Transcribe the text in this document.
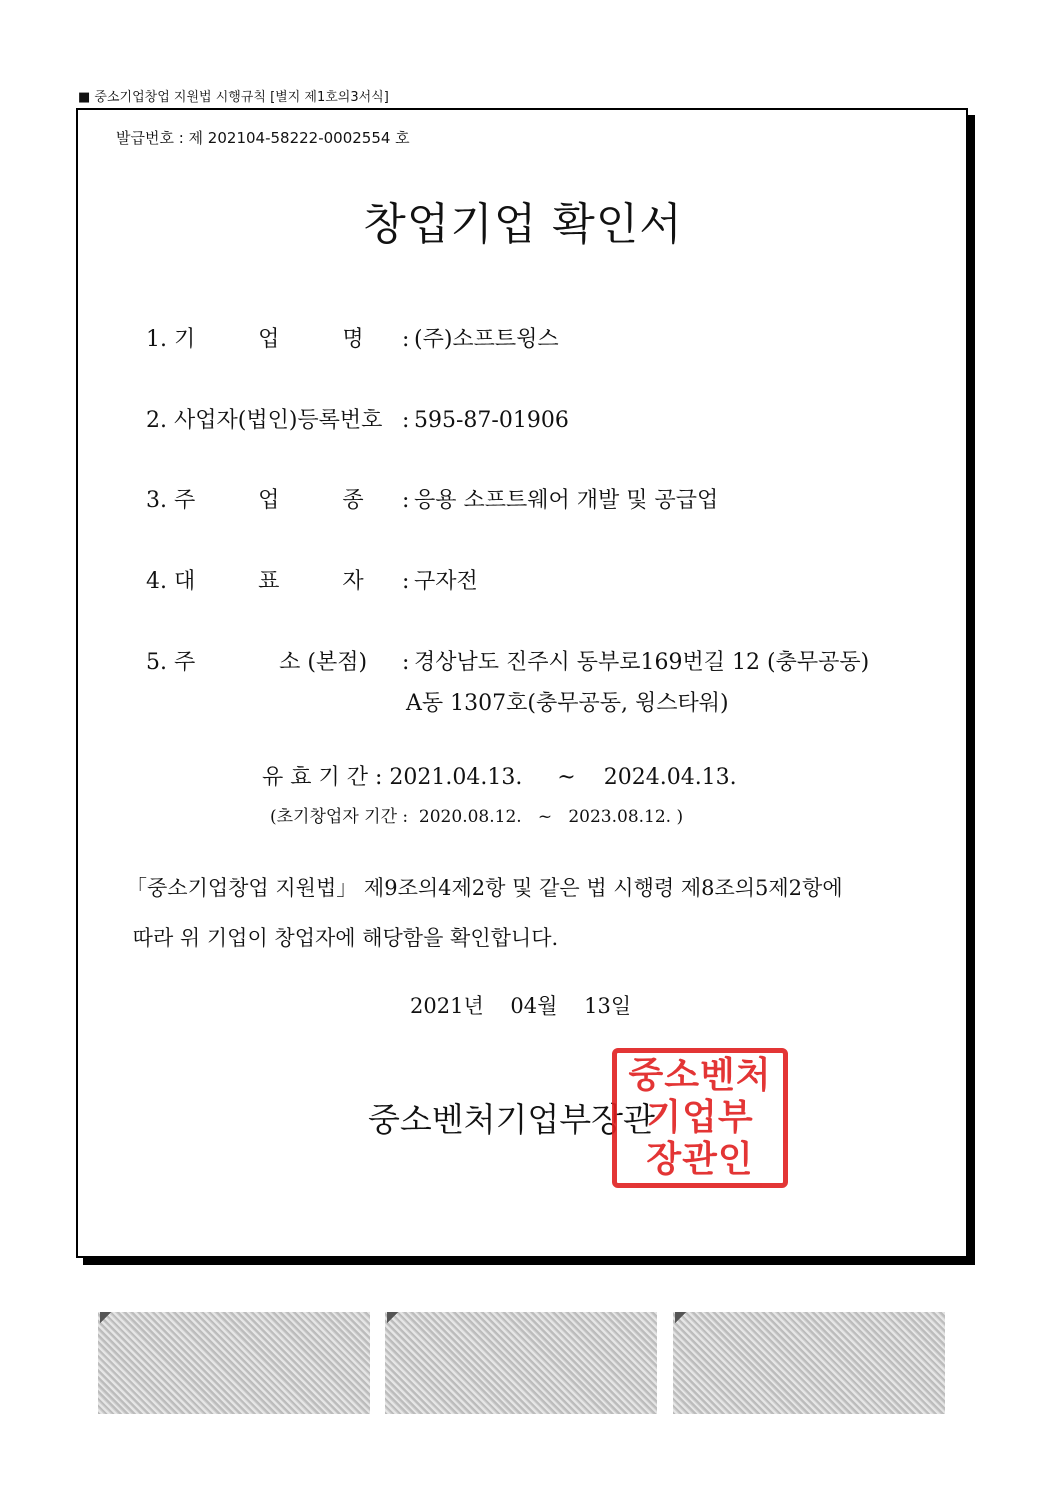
■ 중소기업창업 지원법 시행규칙 [별지 제1호의3서식]
발급번호 : 제 202104-58222-0002554 호
창업기업 확인서
1. 기         업         명 : (주)소프트윙스
2. 사업자(법인)등록번호 : 595-87-01906
3. 주         업         종 : 응용 소프트웨어 개발 및 공급업
4. 대         표         자 : 구자전
5. 주            소 (본점) : 경상남도 진주시 동부로169번길 12 (충무공동)
A동 1307호(충무공동, 윙스타워)
유 효 기 간 : 2021.04.13.     ~    2024.04.13.
(초기창업자 기간 :  2020.08.12.   ~   2023.08.12. )
「중소기업창업 지원법」 제9조의4제2항 및 같은 법 시행령 제8조의5제2항에
따라 위 기업이 창업자에 해당함을 확인합니다.
2021년    04월    13일
중소벤처기업부장관
중소벤처
기업부
장관인
